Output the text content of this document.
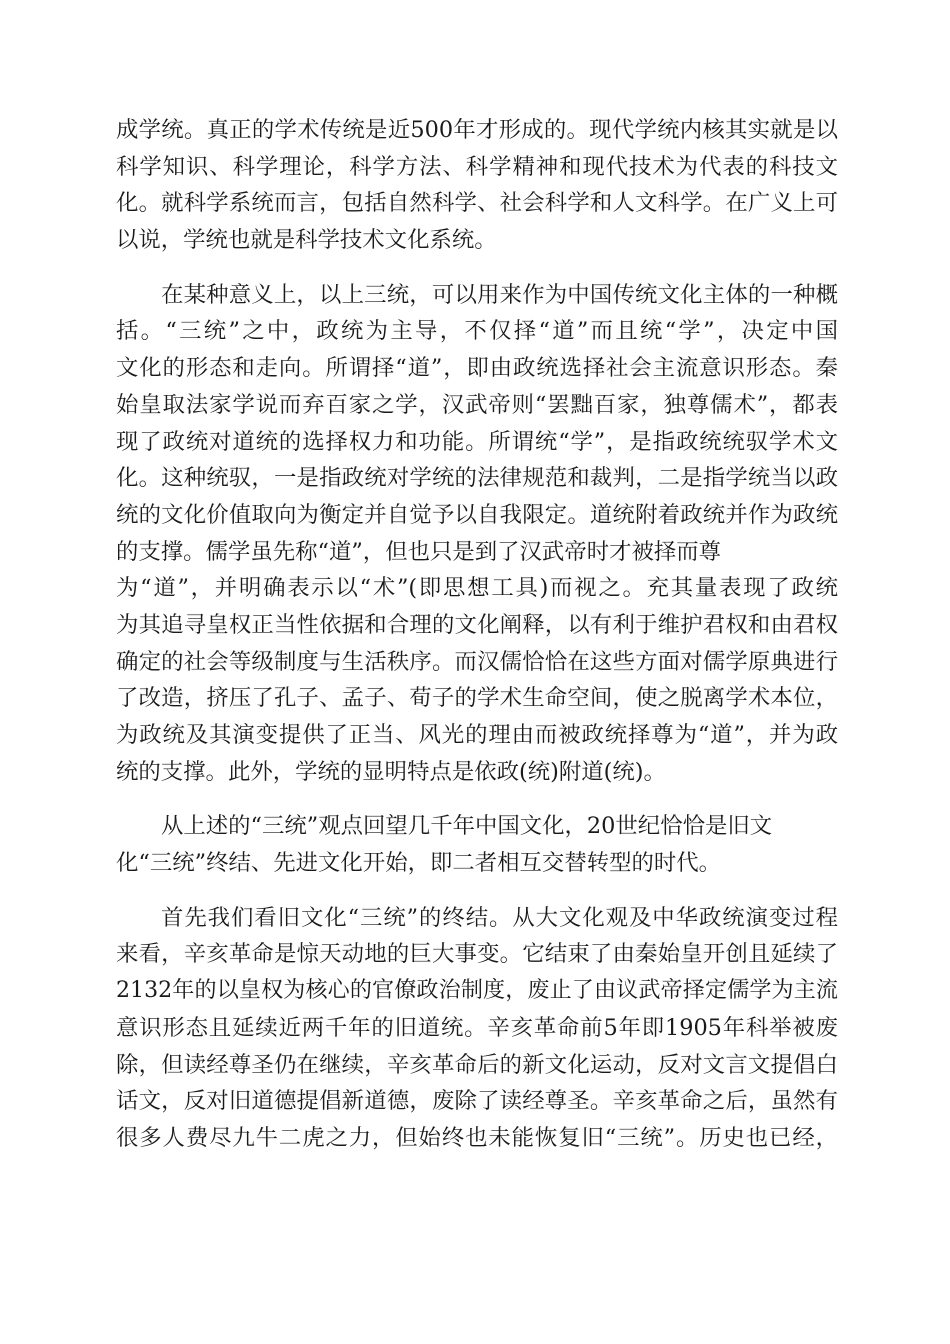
成学统。真正的学术传统是近500年才形成的。现代学统内核其实就是以
科学知识、科学理论，科学方法、科学精神和现代技术为代表的科技文
化。就科学系统而言，包括自然科学、社会科学和人文科学。在广义上可
以说，学统也就是科学技术文化系统。
在某种意义上，以上三统，可以用来作为中国传统文化主体的一种概
括。“三统”之中，政统为主导，不仅择“道”而且统“学”，决定中国
文化的形态和走向。所谓择“道”，即由政统选择社会主流意识形态。秦
始皇取法家学说而弃百家之学，汉武帝则“罢黜百家，独尊儒术”，都表
现了政统对道统的选择权力和功能。所谓统“学”，是指政统统驭学术文
化。这种统驭，一是指政统对学统的法律规范和裁判，二是指学统当以政
统的文化价值取向为衡定并自觉予以自我限定。道统附着政统并作为政统
的支撑。儒学虽先称“道”，但也只是到了汉武帝时才被择而尊
为“道”，并明确表示以“术”(即思想工具)而视之。充其量表现了政统
为其追寻皇权正当性依据和合理的文化阐释，以有利于维护君权和由君权
确定的社会等级制度与生活秩序。而汉儒恰恰在这些方面对儒学原典进行
了改造，挤压了孔子、孟子、荀子的学术生命空间，使之脱离学术本位，
为政统及其演变提供了正当、风光的理由而被政统择尊为“道”，并为政
统的支撑。此外，学统的显明特点是依政(统)附道(统)。
从上述的“三统”观点回望几千年中国文化，20世纪恰恰是旧文
化“三统”终结、先进文化开始，即二者相互交替转型的时代。
首先我们看旧文化“三统”的终结。从大文化观及中华政统演变过程
来看，辛亥革命是惊天动地的巨大事变。它结束了由秦始皇开创且延续了
2132年的以皇权为核心的官僚政治制度，废止了由议武帝择定儒学为主流
意识形态且延续近两千年的旧道统。辛亥革命前5年即1905年科举被废
除，但读经尊圣仍在继续，辛亥革命后的新文化运动，反对文言文提倡白
话文，反对旧道德提倡新道德，废除了读经尊圣。辛亥革命之后，虽然有
很多人费尽九牛二虎之力，但始终也未能恢复旧“三统”。历史也已经，
